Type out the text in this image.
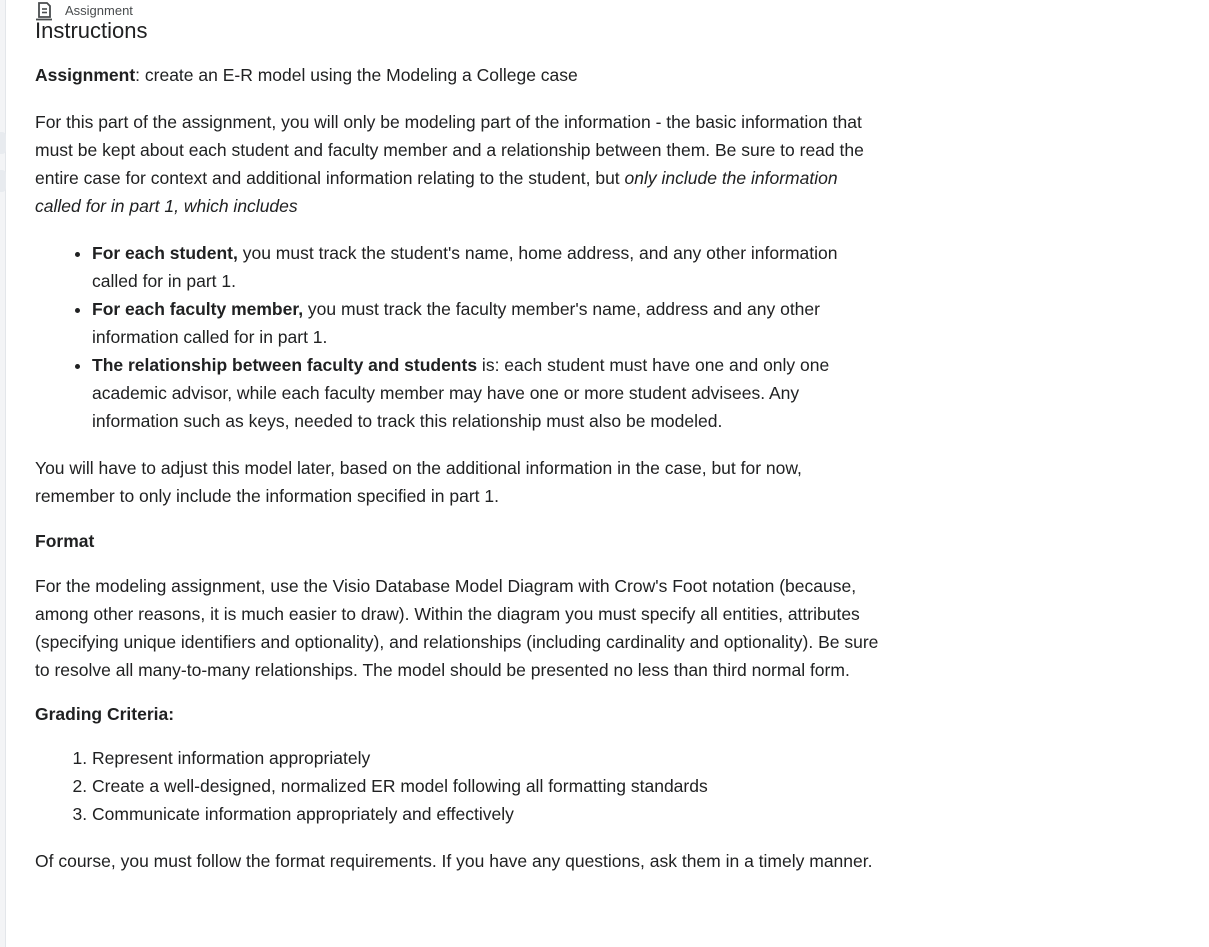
Assignment
Instructions

Assignment: create an E-R model using the Modeling a College case

For this part of the assignment, you will only be modeling part of the information - the basic information that must be kept about each student and faculty member and a relationship between them. Be sure to read the entire case for context and additional information relating to the student, but only include the information called for in part 1, which includes

• For each student, you must track the student's name, home address, and any other information called for in part 1.
• For each faculty member, you must track the faculty member's name, address and any other information called for in part 1.
• The relationship between faculty and students is: each student must have one and only one academic advisor, while each faculty member may have one or more student advisees. Any information such as keys, needed to track this relationship must also be modeled.

You will have to adjust this model later, based on the additional information in the case, but for now, remember to only include the information specified in part 1.

Format

For the modeling assignment, use the Visio Database Model Diagram with Crow's Foot notation (because, among other reasons, it is much easier to draw). Within the diagram you must specify all entities, attributes (specifying unique identifiers and optionality), and relationships (including cardinality and optionality). Be sure to resolve all many-to-many relationships. The model should be presented no less than third normal form.

Grading Criteria:

1. Represent information appropriately
2. Create a well-designed, normalized ER model following all formatting standards
3. Communicate information appropriately and effectively

Of course, you must follow the format requirements. If you have any questions, ask them in a timely manner.
